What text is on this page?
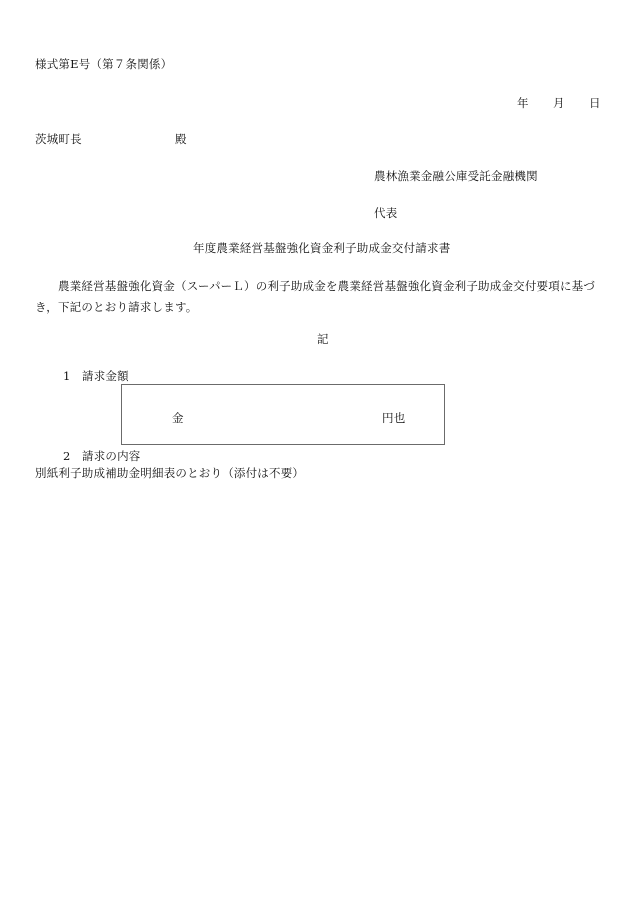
様式第E号（第７条関係）
年 月 日
茨城町長	殿
農林漁業金融公庫受託金融機関
代表
年度農業経営基盤強化資金利子助成金交付請求書
農業経営基盤強化資金（スーパーＬ）の利子助成金を農業経営基盤強化資金利子助成金交付要項に基づき，下記のとおり請求します。
記
1 請求金額
金	円也
2 請求の内容
別紙利子助成補助金明細表のとおり（添付は不要）
